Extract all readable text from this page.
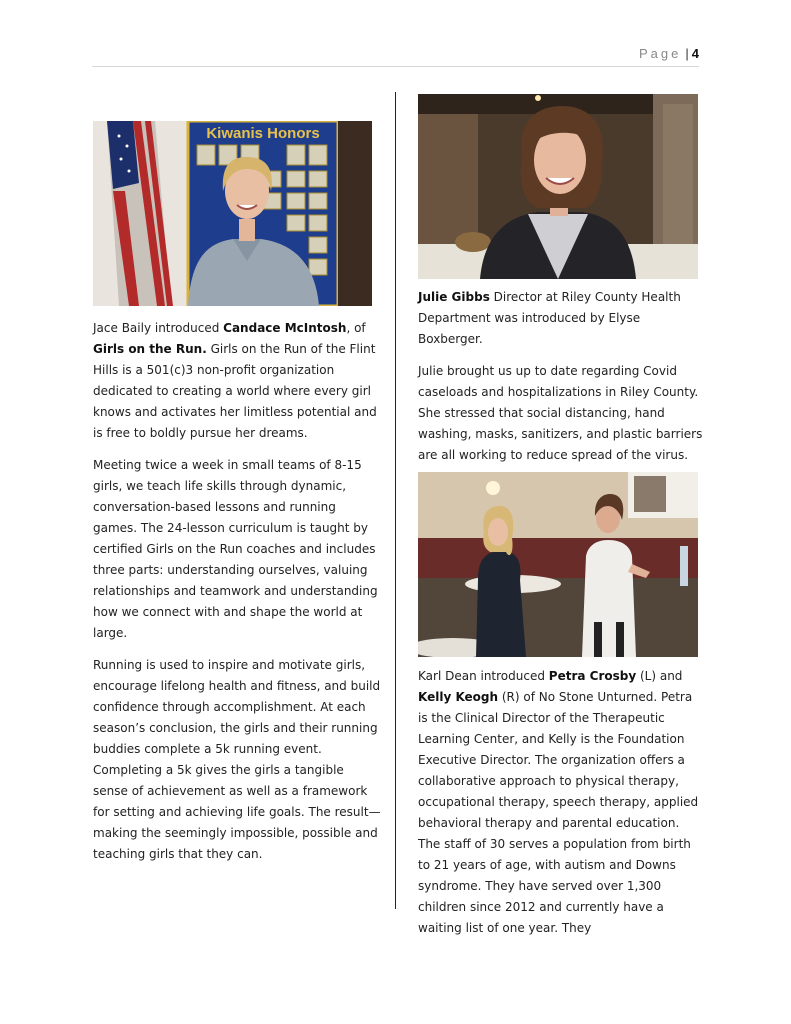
Page | 4
Kiwanis Honors

Jace Baily introduced Candace McIntosh, of Girls on the Run. Girls on the Run of the Flint Hills is a 501(c)3 non-profit organization dedicated to creating a world where every girl knows and activates her limitless potential and is free to boldly pursue her dreams.

Meeting twice a week in small teams of 8-15 girls, we teach life skills through dynamic, conversation-based lessons and running games. The 24-lesson curriculum is taught by certified Girls on the Run coaches and includes three parts: understanding ourselves, valuing relationships and teamwork and understanding how we connect with and shape the world at large.

Running is used to inspire and motivate girls, encourage lifelong health and fitness, and build confidence through accomplishment. At each season’s conclusion, the girls and their running buddies complete a 5k running event. Completing a 5k gives the girls a tangible sense of achievement as well as a framework for setting and achieving life goals. The result—making the seemingly impossible, possible and teaching girls that they can.

Julie Gibbs Director at Riley County Health Department was introduced by Elyse Boxberger.

Julie brought us up to date regarding Covid caseloads and hospitalizations in Riley County. She stressed that social distancing, hand washing, masks, sanitizers, and plastic barriers are all working to reduce spread of the virus.

Karl Dean introduced Petra Crosby (L) and Kelly Keogh (R) of No Stone Unturned. Petra is the Clinical Director of the Therapeutic Learning Center, and Kelly is the Foundation Executive Director. The organization offers a collaborative approach to physical therapy, occupational therapy, speech therapy, applied behavioral therapy and parental education. The staff of 30 serves a population from birth to 21 years of age, with autism and Downs syndrome. They have served over 1,300 children since 2012 and currently have a waiting list of one year. They
